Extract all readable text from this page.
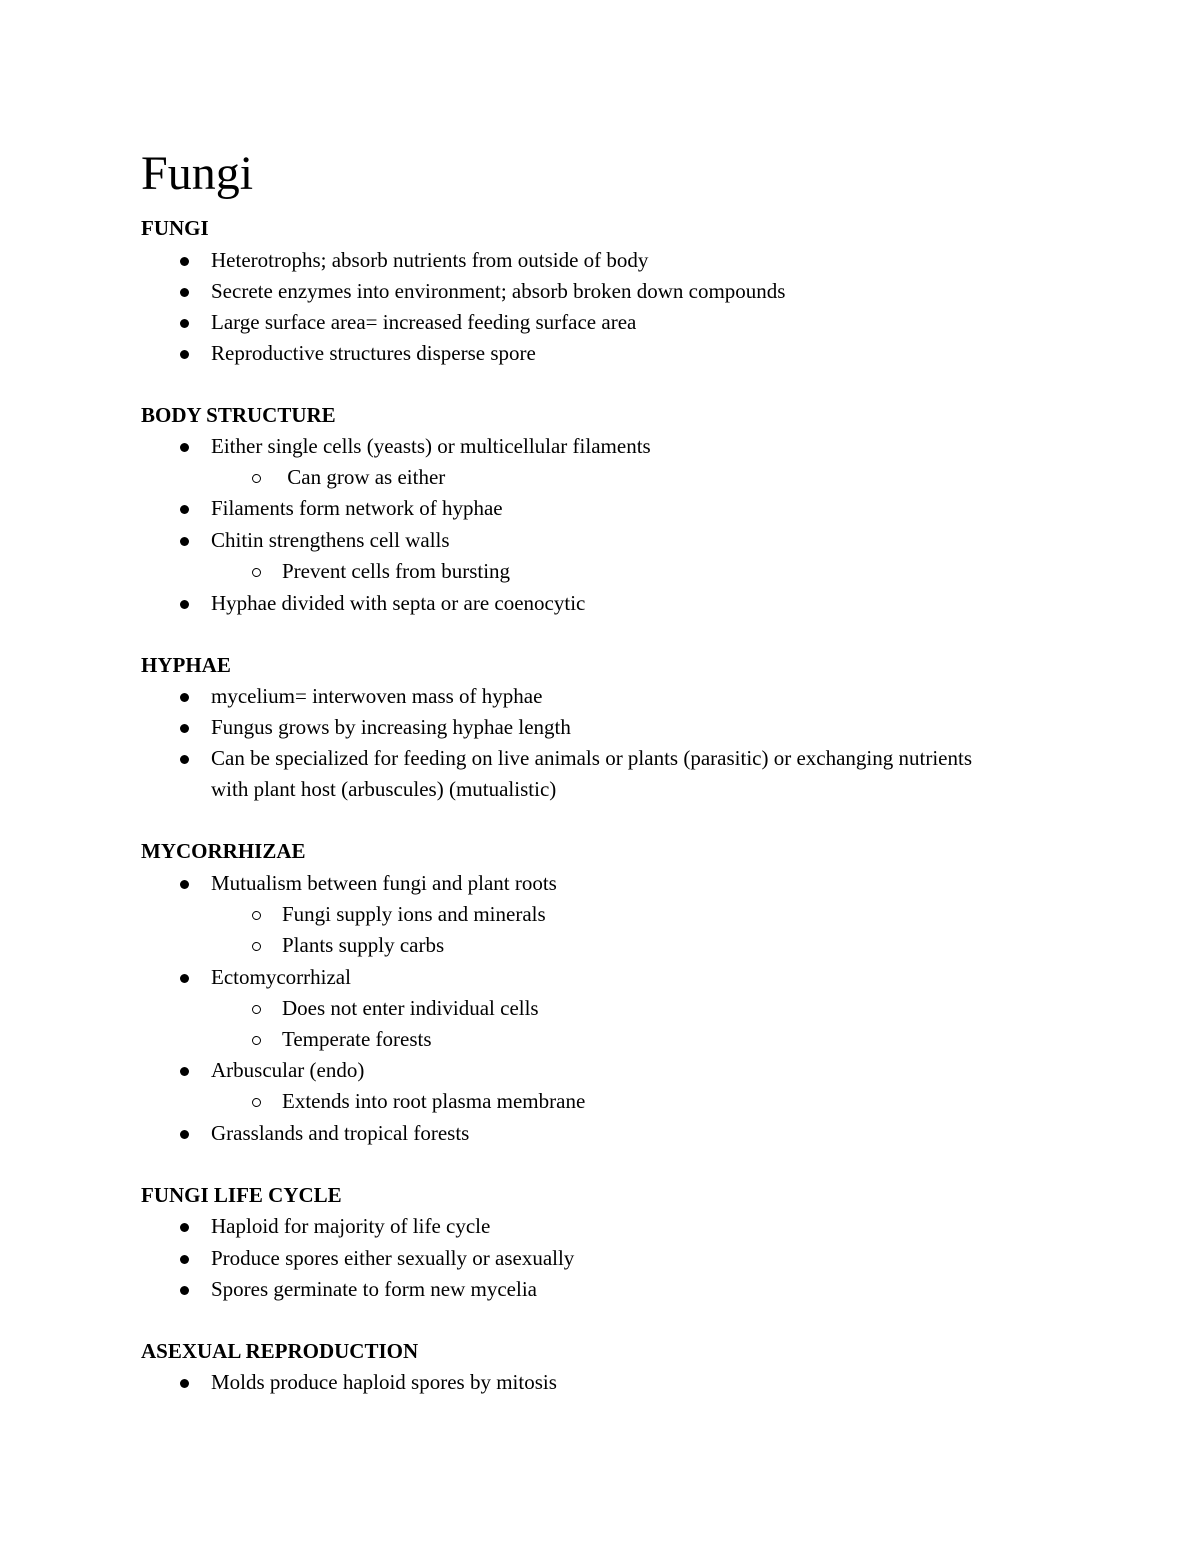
Fungi
FUNGI
Heterotrophs; absorb nutrients from outside of body
Secrete enzymes into environment; absorb broken down compounds
Large surface area= increased feeding surface area
Reproductive structures disperse spore
BODY STRUCTURE
Either single cells (yeasts) or multicellular filaments
Can grow as either
Filaments form network of hyphae
Chitin strengthens cell walls
Prevent cells from bursting
Hyphae divided with septa or are coenocytic
HYPHAE
mycelium= interwoven mass of hyphae
Fungus grows by increasing hyphae length
Can be specialized for feeding on live animals or plants (parasitic) or exchanging nutrients with plant host (arbuscules) (mutualistic)
MYCORRHIZAE
Mutualism between fungi and plant roots
Fungi supply ions and minerals
Plants supply carbs
Ectomycorrhizal
Does not enter individual cells
Temperate forests
Arbuscular (endo)
Extends into root plasma membrane
Grasslands and tropical forests
FUNGI LIFE CYCLE
Haploid for majority of life cycle
Produce spores either sexually or asexually
Spores germinate to form new mycelia
ASEXUAL REPRODUCTION
Molds produce haploid spores by mitosis
